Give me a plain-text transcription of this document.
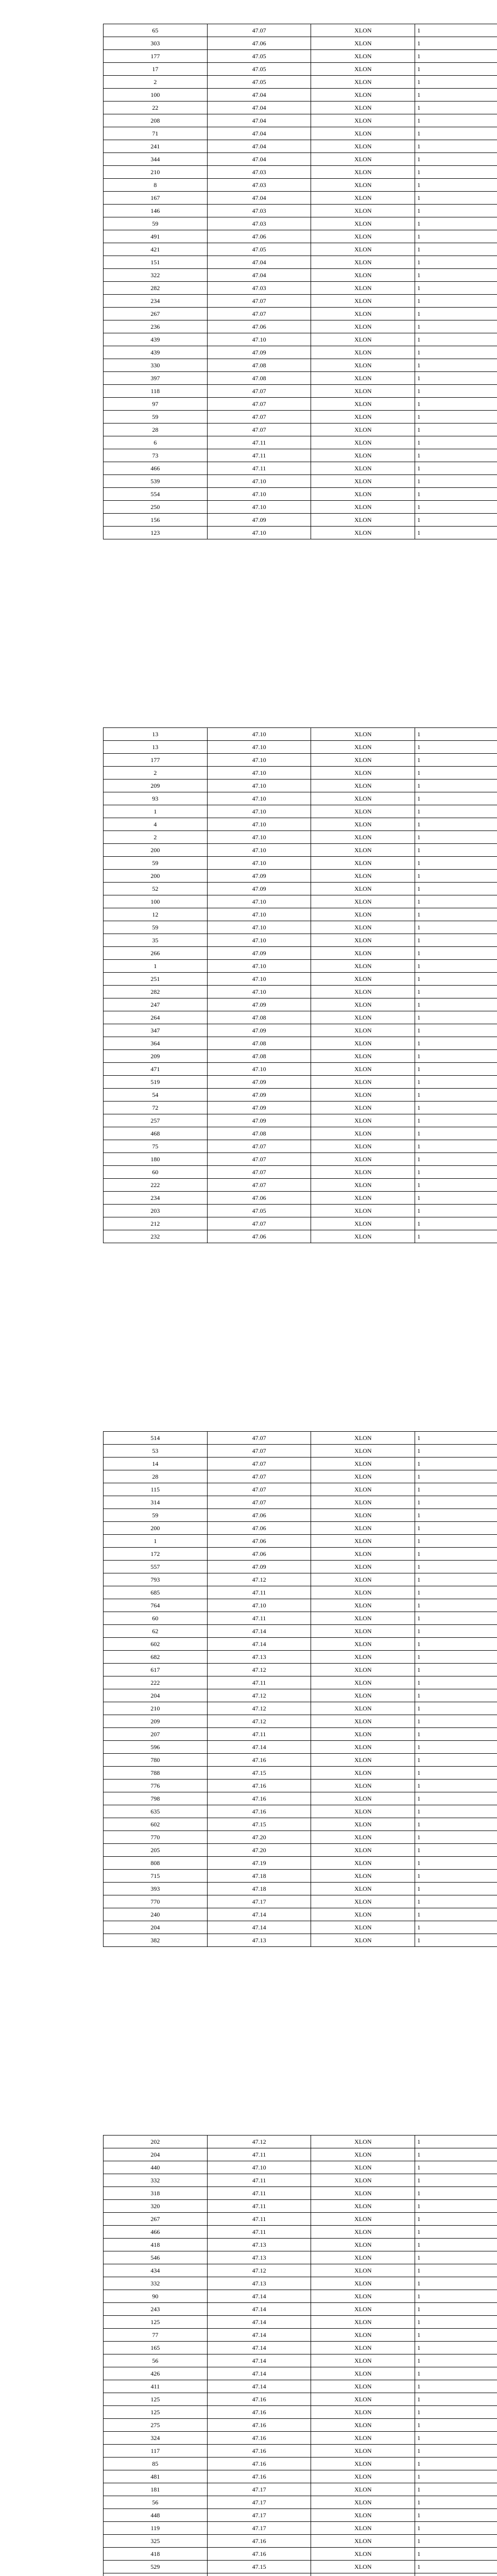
65	47.07	XLON	1
303	47.06	XLON	1
177	47.05	XLON	1
17	47.05	XLON	1
2	47.05	XLON	1
100	47.04	XLON	1
22	47.04	XLON	1
208	47.04	XLON	1
71	47.04	XLON	1
241	47.04	XLON	1
344	47.04	XLON	1
210	47.03	XLON	1
8	47.03	XLON	1
167	47.04	XLON	1
146	47.03	XLON	1
59	47.03	XLON	1
491	47.06	XLON	1
421	47.05	XLON	1
151	47.04	XLON	1
322	47.04	XLON	1
282	47.03	XLON	1
234	47.07	XLON	1
267	47.07	XLON	1
236	47.06	XLON	1
439	47.10	XLON	1
439	47.09	XLON	1
330	47.08	XLON	1
397	47.08	XLON	1
118	47.07	XLON	1
97	47.07	XLON	1
59	47.07	XLON	1
28	47.07	XLON	1
6	47.11	XLON	1
73	47.11	XLON	1
466	47.11	XLON	1
539	47.10	XLON	1
554	47.10	XLON	1
250	47.10	XLON	1
156	47.09	XLON	1
123	47.10	XLON	1
13	47.10	XLON	1
13	47.10	XLON	1
177	47.10	XLON	1
2	47.10	XLON	1
209	47.10	XLON	1
93	47.10	XLON	1
1	47.10	XLON	1
4	47.10	XLON	1
2	47.10	XLON	1
200	47.10	XLON	1
59	47.10	XLON	1
200	47.09	XLON	1
52	47.09	XLON	1
100	47.10	XLON	1
12	47.10	XLON	1
59	47.10	XLON	1
35	47.10	XLON	1
266	47.09	XLON	1
1	47.10	XLON	1
251	47.10	XLON	1
282	47.10	XLON	1
247	47.09	XLON	1
264	47.08	XLON	1
347	47.09	XLON	1
364	47.08	XLON	1
209	47.08	XLON	1
471	47.10	XLON	1
519	47.09	XLON	1
54	47.09	XLON	1
72	47.09	XLON	1
257	47.09	XLON	1
468	47.08	XLON	1
75	47.07	XLON	1
180	47.07	XLON	1
60	47.07	XLON	1
222	47.07	XLON	1
234	47.06	XLON	1
203	47.05	XLON	1
212	47.07	XLON	1
232	47.06	XLON	1
514	47.07	XLON	1
53	47.07	XLON	1
14	47.07	XLON	1
28	47.07	XLON	1
115	47.07	XLON	1
314	47.07	XLON	1
59	47.06	XLON	1
200	47.06	XLON	1
1	47.06	XLON	1
172	47.06	XLON	1
557	47.09	XLON	1
793	47.12	XLON	1
685	47.11	XLON	1
764	47.10	XLON	1
60	47.11	XLON	1
62	47.14	XLON	1
602	47.14	XLON	1
682	47.13	XLON	1
617	47.12	XLON	1
222	47.11	XLON	1
204	47.12	XLON	1
210	47.12	XLON	1
209	47.12	XLON	1
207	47.11	XLON	1
596	47.14	XLON	1
780	47.16	XLON	1
788	47.15	XLON	1
776	47.16	XLON	1
798	47.16	XLON	1
635	47.16	XLON	1
602	47.15	XLON	1
770	47.20	XLON	1
205	47.20	XLON	1
808	47.19	XLON	1
715	47.18	XLON	1
393	47.18	XLON	1
770	47.17	XLON	1
240	47.14	XLON	1
204	47.14	XLON	1
382	47.13	XLON	1
202	47.12	XLON	1
204	47.11	XLON	1
440	47.10	XLON	1
332	47.11	XLON	1
318	47.11	XLON	1
320	47.11	XLON	1
267	47.11	XLON	1
466	47.11	XLON	1
418	47.13	XLON	1
546	47.13	XLON	1
434	47.12	XLON	1
332	47.13	XLON	1
90	47.14	XLON	1
243	47.14	XLON	1
125	47.14	XLON	1
77	47.14	XLON	1
165	47.14	XLON	1
56	47.14	XLON	1
426	47.14	XLON	1
411	47.14	XLON	1
125	47.16	XLON	1
125	47.16	XLON	1
275	47.16	XLON	1
324	47.16	XLON	1
117	47.16	XLON	1
85	47.16	XLON	1
481	47.16	XLON	1
181	47.17	XLON	1
56	47.17	XLON	1
448	47.17	XLON	1
119	47.17	XLON	1
325	47.16	XLON	1
418	47.16	XLON	1
529	47.15	XLON	1
